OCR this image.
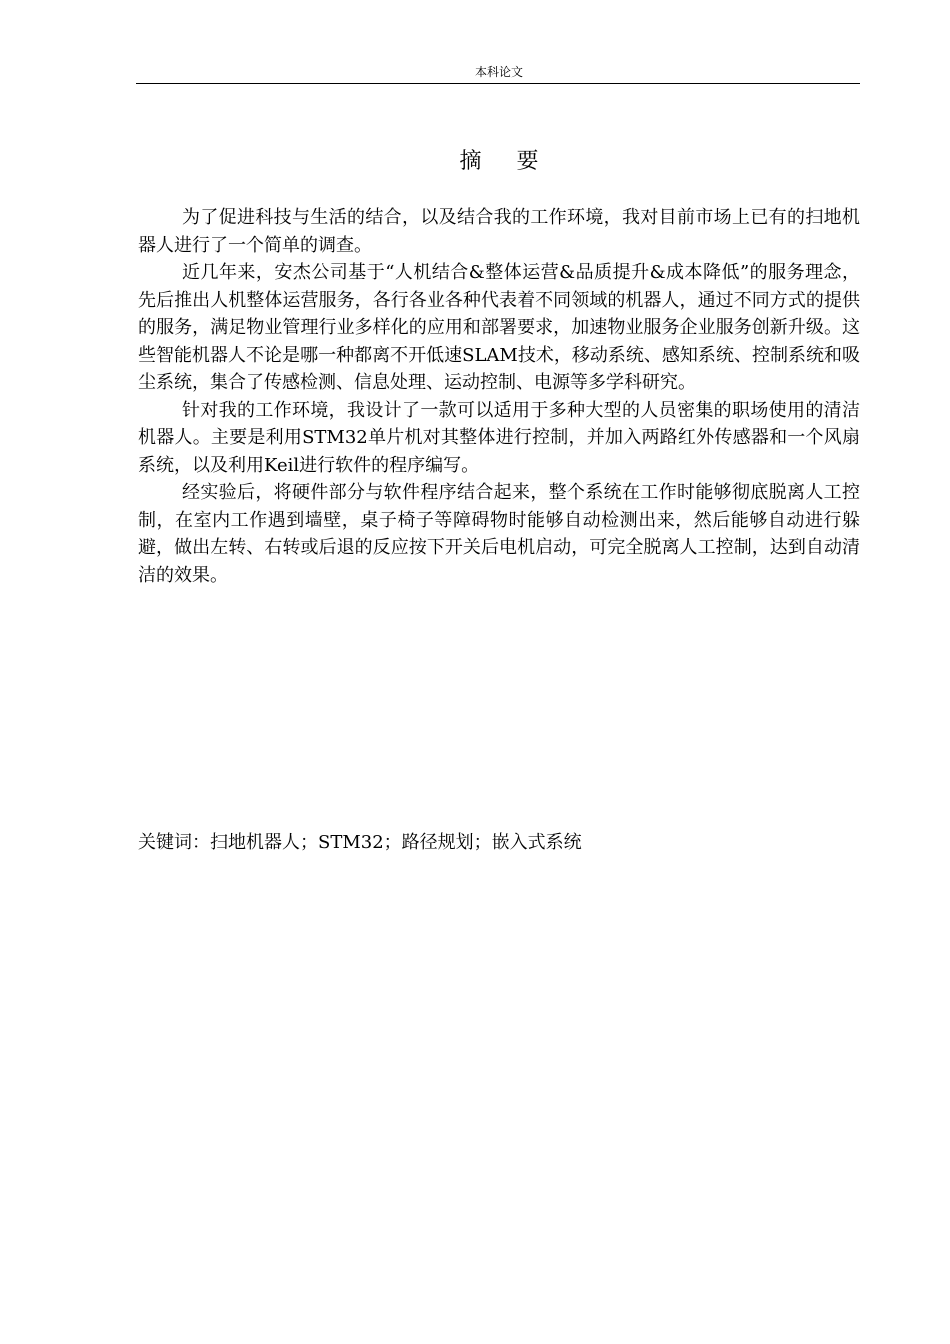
本科论文
摘 要

为了促进科技与生活的结合，以及结合我的工作环境，我对目前市场上已有的扫地机器人进行了一个简单的调查。

近几年来，安杰公司基于“人机结合&整体运营&品质提升&成本降低”的服务理念，先后推出人机整体运营服务，各行各业各种代表着不同领域的机器人，通过不同方式的提供的服务，满足物业管理行业多样化的应用和部署要求，加速物业服务企业服务创新升级。这些智能机器人不论是哪一种都离不开低速SLAM技术，移动系统、感知系统、控制系统和吸尘系统，集合了传感检测、信息处理、运动控制、电源等多学科研究。

针对我的工作环境，我设计了一款可以适用于多种大型的人员密集的职场使用的清洁机器人。主要是利用STM32单片机对其整体进行控制，并加入两路红外传感器和一个风扇系统，以及利用Keil进行软件的程序编写。

经实验后，将硬件部分与软件程序结合起来，整个系统在工作时能够彻底脱离人工控制，在室内工作遇到墙壁，桌子椅子等障碍物时能够自动检测出来，然后能够自动进行躲避，做出左转、右转或后退的反应按下开关后电机启动，可完全脱离人工控制，达到自动清洁的效果。

关键词：扫地机器人；STM32；路径规划；嵌入式系统
